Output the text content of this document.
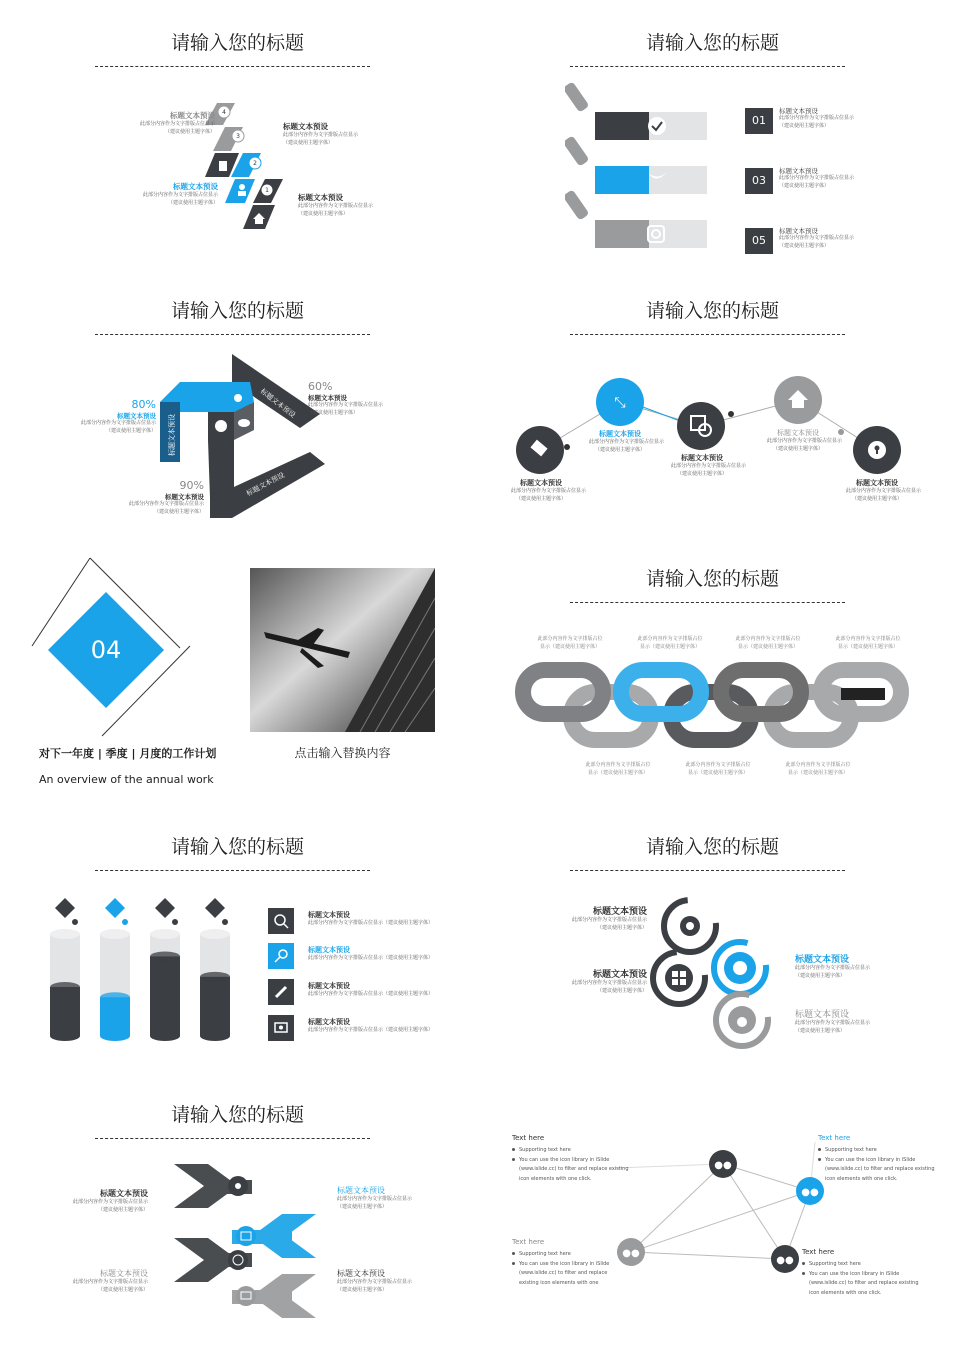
请输入您的标题
4
3
2
1
标题文本预设
此部分内容作为文字排版占位显示
（建议使用主题字体）
标题文本预设
此部分内容作为文字排版占位显示
（建议使用主题字体）
标题文本预设
此部分内容作为文字排版占位显示
（建议使用主题字体）
标题文本预设
此部分内容作为文字排版占位显示
（建议使用主题字体）
请输入您的标题
01
标题文本预设
此部分内容作为文字排版占位显示
（建议使用主题字体）
03
标题文本预设
此部分内容作为文字排版占位显示
（建议使用主题字体）
05
标题文本预设
此部分内容作为文字排版占位显示
（建议使用主题字体）
请输入您的标题
标题文本预设
标题文本预设
标题文本预设
80%
标题文本预设
此部分内容作为文字排版占位显示
（建议使用主题字体）
60%
标题文本预设
此部分内容作为文字排版占位显示
（建议使用主题字体）
90%
标题文本预设
此部分内容作为文字排版占位显示
（建议使用主题字体）
请输入您的标题
⤡
标题文本预设
此部分内容作为文字排版占位显示
（建议使用主题字体）
标题文本预设
此部分内容作为文字排版占位显示
（建议使用主题字体）
标题文本预设
此部分内容作为文字排版占位显示
（建议使用主题字体）
标题文本预设
此部分内容作为文字排版占位显示
（建议使用主题字体）
标题文本预设
此部分内容作为文字排版占位显示
（建议使用主题字体）
04
对下一年度 | 季度 | 月度的工作计划
An overview of the annual work
点击输入替换内容
请输入您的标题
此部分内容作为文字排版占位
显示（建议使用主题字体）
此部分内容作为文字排版占位
显示（建议使用主题字体）
此部分内容作为文字排版占位
显示（建议使用主题字体）
此部分内容作为文字排版占位
显示（建议使用主题字体）
此部分内容作为文字排版占位
显示（建议使用主题字体）
此部分内容作为文字排版占位
显示（建议使用主题字体）
此部分内容作为文字排版占位
显示（建议使用主题字体）
请输入您的标题
标题文本预设
此部分内容作为文字排版占位显示（建议使用主题字体）
标题文本预设
此部分内容作为文字排版占位显示（建议使用主题字体）
标题文本预设
此部分内容作为文字排版占位显示（建议使用主题字体）
标题文本预设
此部分内容作为文字排版占位显示（建议使用主题字体）
请输入您的标题
标题文本预设
此部分内容作为文字排版占位显示
（建议使用主题字体）
标题文本预设
此部分内容作为文字排版占位显示
（建议使用主题字体）
标题文本预设
此部分内容作为文字排版占位显示
（建议使用主题字体）
标题文本预设
此部分内容作为文字排版占位显示
（建议使用主题字体）
请输入您的标题
标题文本预设
此部分内容作为文字排版占位显示
（建议使用主题字体）
标题文本预设
此部分内容作为文字排版占位显示
（建议使用主题字体）
标题文本预设
此部分内容作为文字排版占位显示
（建议使用主题字体）
标题文本预设
此部分内容作为文字排版占位显示
（建议使用主题字体）
●●
●●
●●
●●
Text here
Supporting text here
You can use the icon library in iSlide
(www.islide.cc) to filter and replace existing
icon elements with one click.
Text here
Supporting text here
You can use the icon library in iSlide
(www.islide.cc) to filter and replace existing
icon elements with one click.
Text here
Supporting text here
You can use the icon library in iSlide
(www.islide.cc) to filter and replace
existing icon elements with one
Text here
Supporting text here
You can use the icon library in iSlide
(www.islide.cc) to filter and replace existing
icon elements with one click.
